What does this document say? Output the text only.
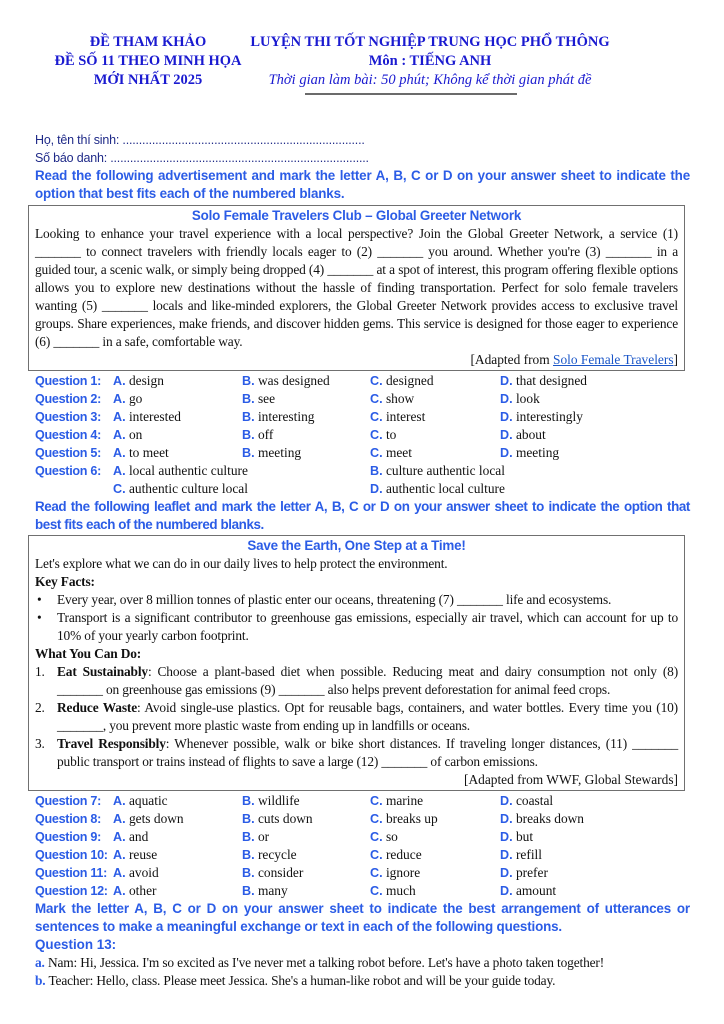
ĐỀ THAM KHẢO
ĐỀ SỐ 11 THEO MINH HỌA
MỚI NHẤT 2025
LUYỆN THI TỐT NGHIỆP TRUNG HỌC PHỔ THÔNG
Môn : TIẾNG ANH
Thời gian làm bài: 50 phút; Không kể thời gian phát đề
Họ, tên thí sinh: ..........................................................................
Số báo danh: ...............................................................................
Read the following advertisement and mark the letter A, B, C or D on your answer sheet to indicate the option that best fits each of the numbered blanks.
Solo Female Travelers Club – Global Greeter Network
Looking to enhance your travel experience with a local perspective? Join the Global Greeter Network, a service (1) _______ to connect travelers with friendly locals eager to (2) _______ you around. Whether you're (3) _______ in a guided tour, a scenic walk, or simply being dropped (4) _______ at a spot of interest, this program offering flexible options allows you to explore new destinations without the hassle of finding transportation. Perfect for solo female travelers wanting (5) _______ locals and like-minded explorers, the Global Greeter Network provides access to exclusive travel groups. Share experiences, make friends, and discover hidden gems. This service is designed for those eager to experience (6) _______ in a safe, comfortable way.
[Adapted from Solo Female Travelers]
Question 1: A. design	B. was designed	C. designed	D. that designed
Question 2: A. go	B. see	C. show	D. look
Question 3: A. interested	B. interesting	C. interest	D. interestingly
Question 4: A. on	B. off	C. to	D. about
Question 5: A. to meet	B. meeting	C. meet	D. meeting
Question 6: A. local authentic culture	B. culture authentic local
C. authentic culture local	D. authentic local culture
Read the following leaflet and mark the letter A, B, C or D on your answer sheet to indicate the option that best fits each of the numbered blanks.
Save the Earth, One Step at a Time!
Let's explore what we can do in our daily lives to help protect the environment.
Key Facts:
• Every year, over 8 million tonnes of plastic enter our oceans, threatening (7) _______ life and ecosystems.
• Transport is a significant contributor to greenhouse gas emissions, especially air travel, which can account for up to 10% of your yearly carbon footprint.
What You Can Do:
1. Eat Sustainably: Choose a plant-based diet when possible. Reducing meat and dairy consumption not only (8) _______ on greenhouse gas emissions (9) _______ also helps prevent deforestation for animal feed crops.
2. Reduce Waste: Avoid single-use plastics. Opt for reusable bags, containers, and water bottles. Every time you (10) _______, you prevent more plastic waste from ending up in landfills or oceans.
3. Travel Responsibly: Whenever possible, walk or bike short distances. If traveling longer distances, (11) _______ public transport or trains instead of flights to save a large (12) _______ of carbon emissions.
[Adapted from WWF, Global Stewards]
Question 7: A. aquatic	B. wildlife	C. marine	D. coastal
Question 8: A. gets down	B. cuts down	C. breaks up	D. breaks down
Question 9: A. and	B. or	C. so	D. but
Question 10: A. reuse	B. recycle	C. reduce	D. refill
Question 11: A. avoid	B. consider	C. ignore	D. prefer
Question 12: A. other	B. many	C. much	D. amount
Mark the letter A, B, C or D on your answer sheet to indicate the best arrangement of utterances or sentences to make a meaningful exchange or text in each of the following questions.
Question 13:
a. Nam: Hi, Jessica. I'm so excited as I've never met a talking robot before. Let's have a photo taken together!
b. Teacher: Hello, class. Please meet Jessica. She's a human-like robot and will be your guide today.
